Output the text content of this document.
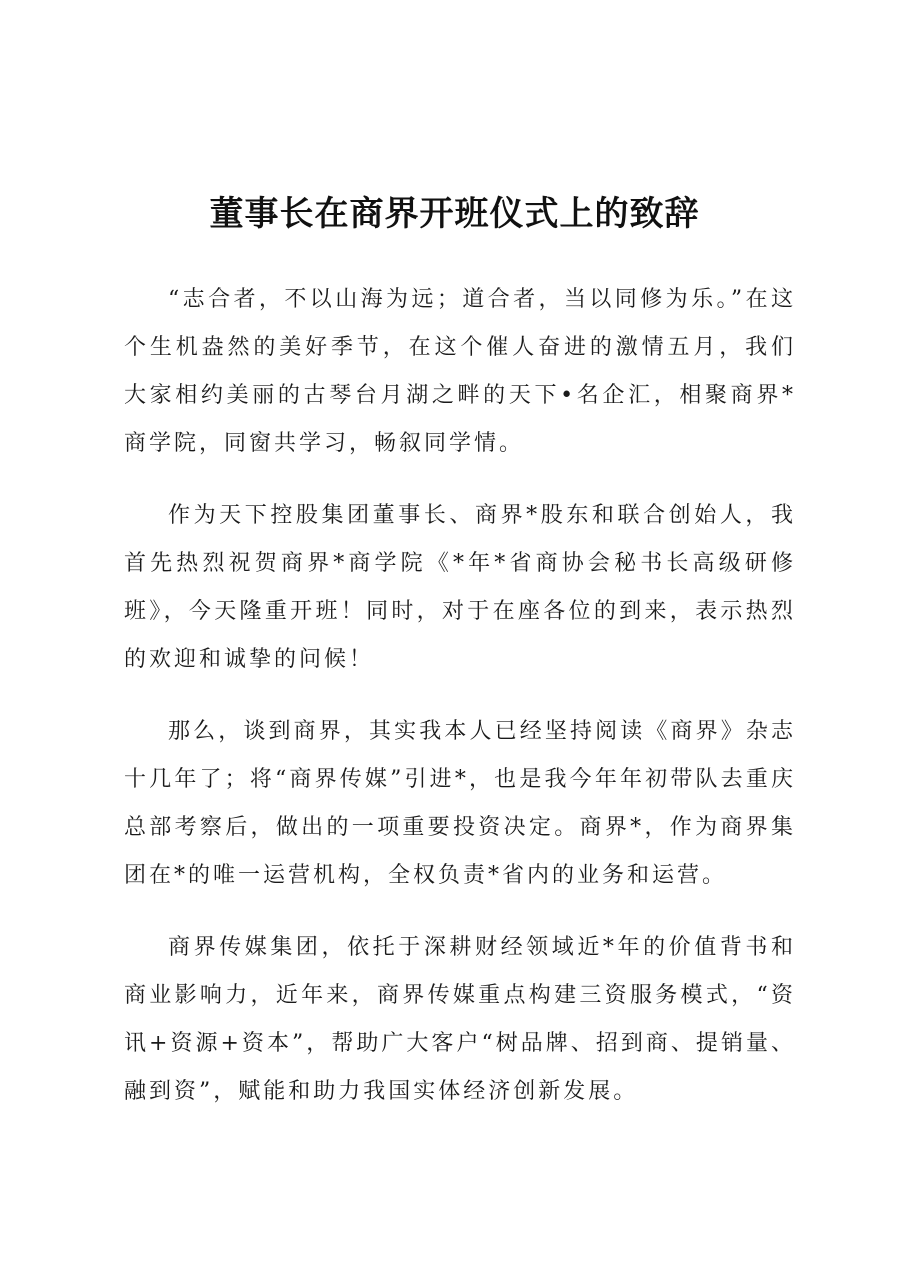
董事长在商界开班仪式上的致辞

“志合者，不以山海为远；道合者，当以同修为乐。”在这个生机盎然的美好季节，在这个催人奋进的激情五月，我们大家相约美丽的古琴台月湖之畔的天下•名企汇，相聚商界*商学院，同窗共学习，畅叙同学情。

作为天下控股集团董事长、商界*股东和联合创始人，我首先热烈祝贺商界*商学院《*年*省商协会秘书长高级研修班》，今天隆重开班！同时，对于在座各位的到来，表示热烈的欢迎和诚挚的问候！

那么，谈到商界，其实我本人已经坚持阅读《商界》杂志十几年了；将“商界传媒”引进*，也是我今年年初带队去重庆总部考察后，做出的一项重要投资决定。商界*，作为商界集团在*的唯一运营机构，全权负责*省内的业务和运营。

商界传媒集团，依托于深耕财经领域近*年的价值背书和商业影响力，近年来，商界传媒重点构建三资服务模式，“资讯+资源+资本”，帮助广大客户“树品牌、招到商、提销量、融到资”，赋能和助力我国实体经济创新发展。
